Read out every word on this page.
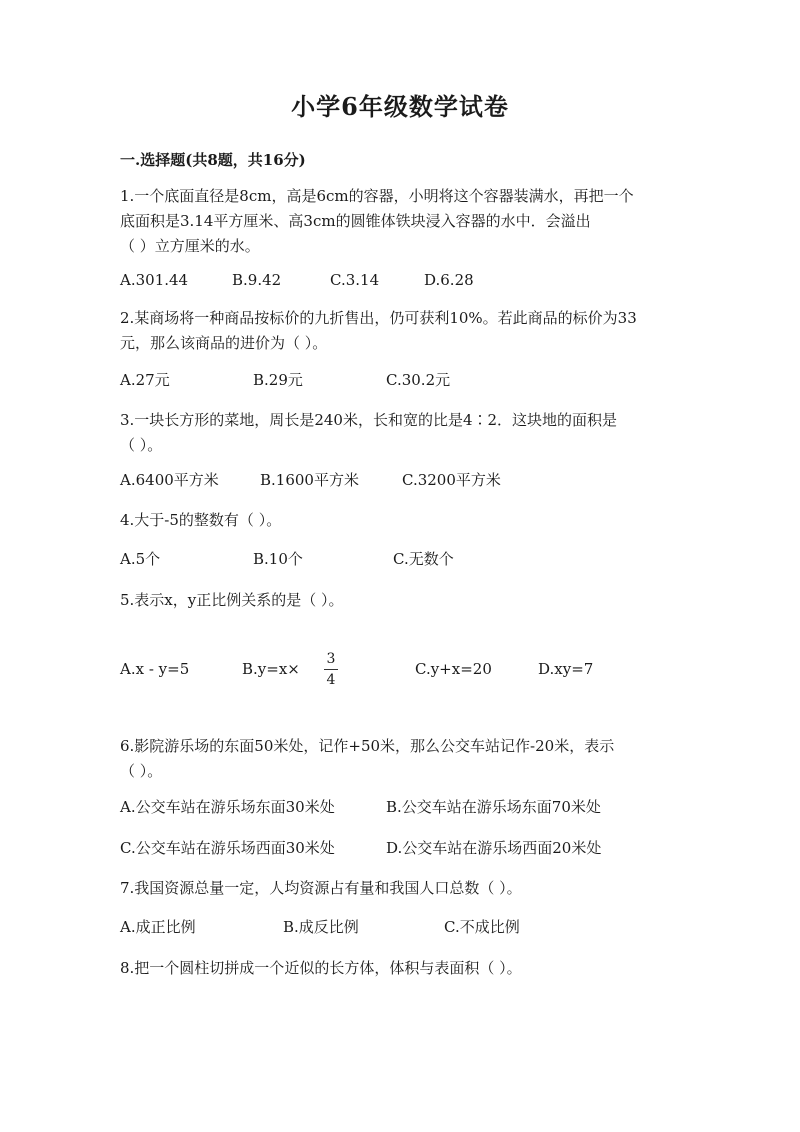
小学6年级数学试卷
一.选择题(共8题，共16分)
1.一个底面直径是8cm，高是6cm的容器，小明将这个容器装满水，再把一个
底面积是3.14平方厘米、高3cm的圆锥体铁块浸入容器的水中．会溢出
（ ）立方厘米的水。
A.301.44	B.9.42	C.3.14	D.6.28
2.某商场将一种商品按标价的九折售出，仍可获利10%。若此商品的标价为33
元，那么该商品的进价为（ ）。
A.27元	B.29元	C.30.2元
3.一块长方形的菜地，周长是240米，长和宽的比是4∶2．这块地的面积是
（ ）。
A.6400平方米	B.1600平方米	C.3200平方米
4.大于-5的整数有（ ）。
A.5个	B.10个	C.无数个
5.表示x，y正比例关系的是（ ）。
A.x - y=5	B.y=x×
3
4
C.y+x=20	D.xy=7
6.影院游乐场的东面50米处，记作+50米，那么公交车站记作-20米，表示
（ ）。
A.公交车站在游乐场东面30米处	B.公交车站在游乐场东面70米处
C.公交车站在游乐场西面30米处	D.公交车站在游乐场西面20米处
7.我国资源总量一定，人均资源占有量和我国人口总数（ ）。
A.成正比例	B.成反比例	C.不成比例
8.把一个圆柱切拼成一个近似的长方体，体积与表面积（ ）。
